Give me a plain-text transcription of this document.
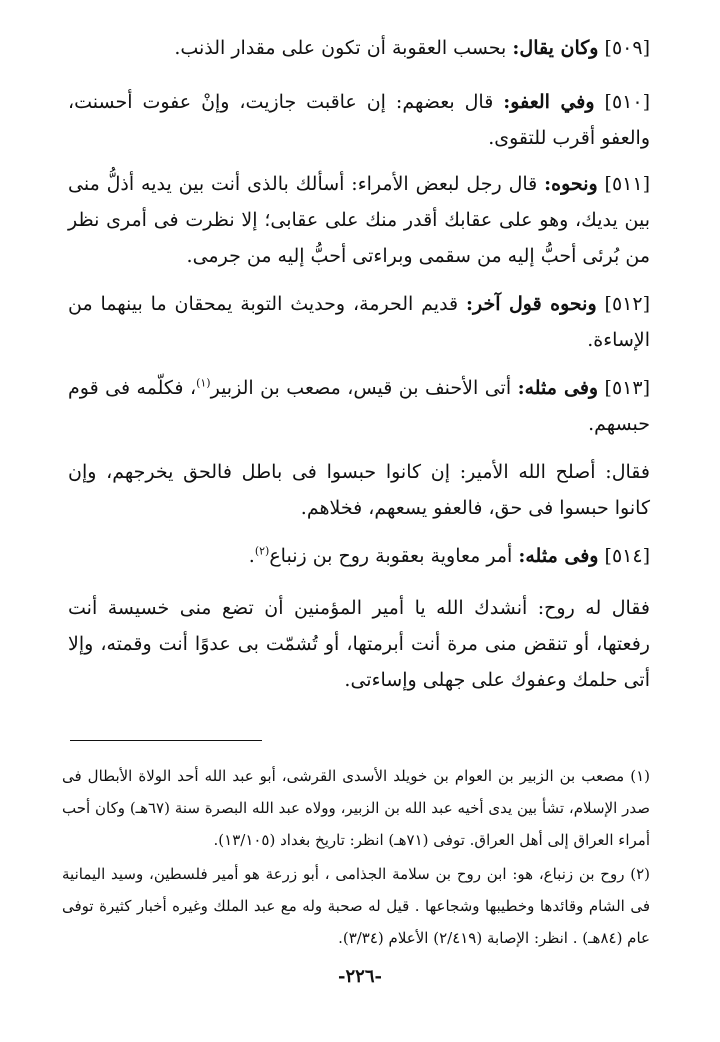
[٥٠٩] وكان يقال: بحسب العقوبة أن تكون على مقدار الذنب.

[٥١٠] وفي العفو: قال بعضهم: إن عاقبت جازيت، وإنْ عفوت أحسنت، والعفو أقرب للتقوى.

[٥١١] ونحوه: قال رجل لبعض الأمراء: أسألك بالذى أنت بين يديه أذلُّ منى بين يديك، وهو على عقابك أقدر منك على عقابى؛ إلا نظرت فى أمرى نظر من بُرئى أحبُّ إليه من سقمى وبراءتى أحبُّ إليه من جرمى.

[٥١٢] ونحوه قول آخر: قديم الحرمة، وحديث التوبة يمحقان ما بينهما من الإساءة.

[٥١٣] وفى مثله: أتى الأحنف بن قيس، مصعب بن الزبير$^{(١)}$، فكلّمه فى قوم حبسهم.

فقال: أصلح الله الأمير: إن كانوا حبسوا فى باطل فالحق يخرجهم، وإن كانوا حبسوا فى حق، فالعفو يسعهم، فخلاهم.

[٥١٤] وفى مثله: أمر معاوية بعقوبة روح بن زنباع$^{(٢)}$.

فقال له روح: أنشدك الله يا أمير المؤمنين أن تضع منى خسيسة أنت رفعتها، أو تنقض منى مرة أنت أبرمتها، أو تُشمّت بى عدوًا أنت وقمته، وإلا أتى حلمك وعفوك على جهلى وإساءتى.

(١) مصعب بن الزبير بن العوام بن خويلد الأسدى القرشى، أبو عبد الله أحد الولاة الأبطال فى صدر الإسلام، تشأ بين يدى أخيه عبد الله بن الزبير، وولاه عبد الله البصرة سنة (٦٧هـ) وكان أحب أمراء العراق إلى أهل العراق. توفى (٧١هـ) انظر: تاريخ بغداد (١٣/١٠٥).

(٢) روح بن زنباع، هو: ابن روح بن سلامة الجذامى ، أبو زرعة هو أمير فلسطين، وسيد اليمانية فى الشام وقائدها وخطيبها وشجاعها . قيل له صحبة وله مع عبد الملك وغيره أخبار كثيرة توفى عام (٨٤هـ) . انظر: الإصابة (٢/٤١٩) الأعلام (٣/٣٤).

-٢٢٦-
